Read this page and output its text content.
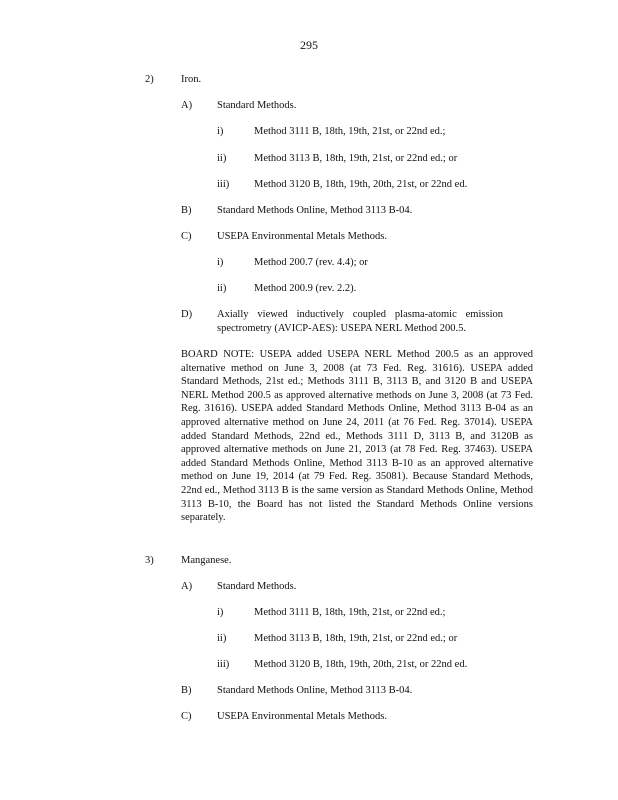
295
2)	Iron.
A) Standard Methods.
i)	Method 3111 B, 18th, 19th, 21st, or 22nd ed.;
ii)	Method 3113 B, 18th, 19th, 21st, or 22nd ed.; or
iii) Method 3120 B, 18th, 19th, 20th, 21st, or 22nd ed.
B) Standard Methods Online, Method 3113 B-04.
C) USEPA Environmental Metals Methods.
i)	Method 200.7 (rev. 4.4); or
ii)	Method 200.9 (rev. 2.2).
D) Axially viewed inductively coupled plasma-atomic emission spectrometry (AVICP-AES): USEPA NERL Method 200.5.
BOARD NOTE: USEPA added USEPA NERL Method 200.5 as an approved alternative method on June 3, 2008 (at 73 Fed. Reg. 31616). USEPA added Standard Methods, 21st ed.; Methods 3111 B, 3113 B, and 3120 B and USEPA NERL Method 200.5 as approved alternative methods on June 3, 2008 (at 73 Fed. Reg. 31616). USEPA added Standard Methods Online, Method 3113 B-04 as an approved alternative method on June 24, 2011 (at 76 Fed. Reg. 37014). USEPA added Standard Methods, 22nd ed., Methods 3111 D, 3113 B, and 3120B as approved alternative methods on June 21, 2013 (at 78 Fed. Reg. 37463). USEPA added Standard Methods Online, Method 3113 B-10 as an approved alternative method on June 19, 2014 (at 79 Fed. Reg. 35081). Because Standard Methods, 22nd ed., Method 3113 B is the same version as Standard Methods Online, Method 3113 B-10, the Board has not listed the Standard Methods Online versions separately.
3)	Manganese.
A) Standard Methods.
i)	Method 3111 B, 18th, 19th, 21st, or 22nd ed.;
ii)	Method 3113 B, 18th, 19th, 21st, or 22nd ed.; or
iii) Method 3120 B, 18th, 19th, 20th, 21st, or 22nd ed.
B) Standard Methods Online, Method 3113 B-04.
C) USEPA Environmental Metals Methods.
